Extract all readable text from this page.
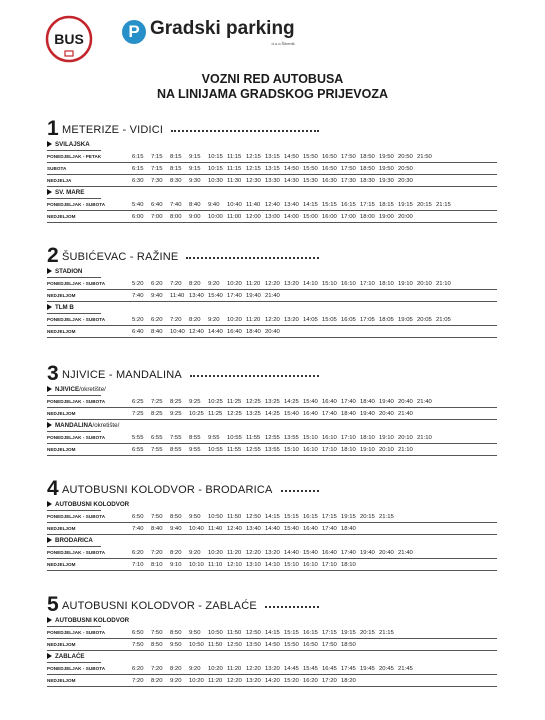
BUS	P Gradski parking
d.o.o.Šibenik
VOZNI RED AUTOBUSA
NA LINIJAMA GRADSKOG PRIJEVOZA
1 METERIZE - VIDICI
SVILAJSKA
PONEDJELJAK - PETAK	6:15 7:15 8:15 9:15 10:15 11:15 12:15 13:15 14:50 15:50 16:50 17:50 18:50 19:50 20:50 21:50
SUBOTA	6:15 7:15 8:15 9:15 10:15 11:15 12:15 13:15 14:50 15:50 16:50 17:50 18:50 19:50 20:50
NEDJELJA	6:30 7:30 8:30 9:30 10:30 11:30 12:30 13:30 14:30 15:30 16:30 17:30 18:30 19:30 20:30
SV. MARE
PONEDJELJAK - SUBOTA	5:40 6:40 7:40 8:40 9:40 10:40 11:40 12:40 13:40 14:15 15:15 16:15 17:15 18:15 19:15 20:15 21:15
NEDJELJOM	6:00 7:00 8:00 9:00 10:00 11:00 12:00 13:00 14:00 15:00 16:00 17:00 18:00 19:00 20:00
2 ŠUBIĆEVAC - RAŽINE
STADION
PONEDJELJAK - SUBOTA	5:20 6:20 7:20 8:20 9:20 10:20 11:20 12:20 13:20 14:10 15:10 16:10 17:10 18:10 19:10 20:10 21:10
NEDJELJOM	7:40 9:40 11:40 13:40 15:40 17:40 19:40 21:40
TLM B
PONEDJELJAK - SUBOTA	5:20 6:20 7:20 8:20 9:20 10:20 11:20 12:20 13:20 14:05 15:05 16:05 17:05 18:05 19:05 20:05 21:05
NEDJELJOM	6:40 8:40 10:40 12:40 14:40 16:40 18:40 20:40
3 NJIVICE - MANDALINA
NJIVICE/okretište/
PONEDJELJAK - SUBOTA	6:25 7:25 8:25 9:25 10:25 11:25 12:25 13:25 14:25 15:40 16:40 17:40 18:40 19:40 20:40 21:40
NEDJELJOM	7:25 8:25 9:25 10:25 11:25 12:25 13:25 14:25 15:40 16:40 17:40 18:40 19:40 20:40 21:40
MANDALINA/okretište/
PONEDJELJAK - SUBOTA	5:55 6:55 7:55 8:55 9:55 10:55 11:55 12:55 13:55 15:10 16:10 17:10 18:10 19:10 20:10 21:10
NEDJELJOM	6:55 7:55 8:55 9:55 10:55 11:55 12:55 13:55 15:10 16:10 17:10 18:10 19:10 20:10 21:10
4 AUTOBUSNI KOLODVOR - BRODARICA
AUTOBUSNI KOLODVOR
PONEDJELJAK - SUBOTA	6:50 7:50 8:50 9:50 10:50 11:50 12:50 14:15 15:15 16:15 17:15 19:15 20:15 21:15
NEDJELJOM	7:40 8:40 9:40 10:40 11:40 12:40 13:40 14:40 15:40 16:40 17:40 18:40
BRODARICA
PONEDJELJAK - SUBOTA	6:20 7:20 8:20 9:20 10:20 11:20 12:20 13:20 14:40 15:40 16:40 17:40 19:40 20:40 21:40
NEDJELJOM	7:10 8:10 9:10 10:10 11:10 12:10 13:10 14:10 15:10 16:10 17:10 18:10
5 AUTOBUSNI KOLODVOR - ZABLAĆE
AUTOBUSNI KOLODVOR
PONEDJELJAK - SUBOTA	6:50 7:50 8:50 9:50 10:50 11:50 12:50 14:15 15:15 16:15 17:15 19:15 20:15 21:15
NEDJELJOM	7:50 8:50 9:50 10:50 11:50 12:50 13:50 14:50 15:50 16:50 17:50 18:50
ZABLAĆE
PONEDJELJAK - SUBOTA	6:20 7:20 8:20 9:20 10:20 11:20 12:20 13:20 14:45 15:45 16:45 17:45 19:45 20:45 21:45
NEDJELJOM	7:20 8:20 9:20 10:20 11:20 12:20 13:20 14:20 15:20 16:20 17:20 18:20
